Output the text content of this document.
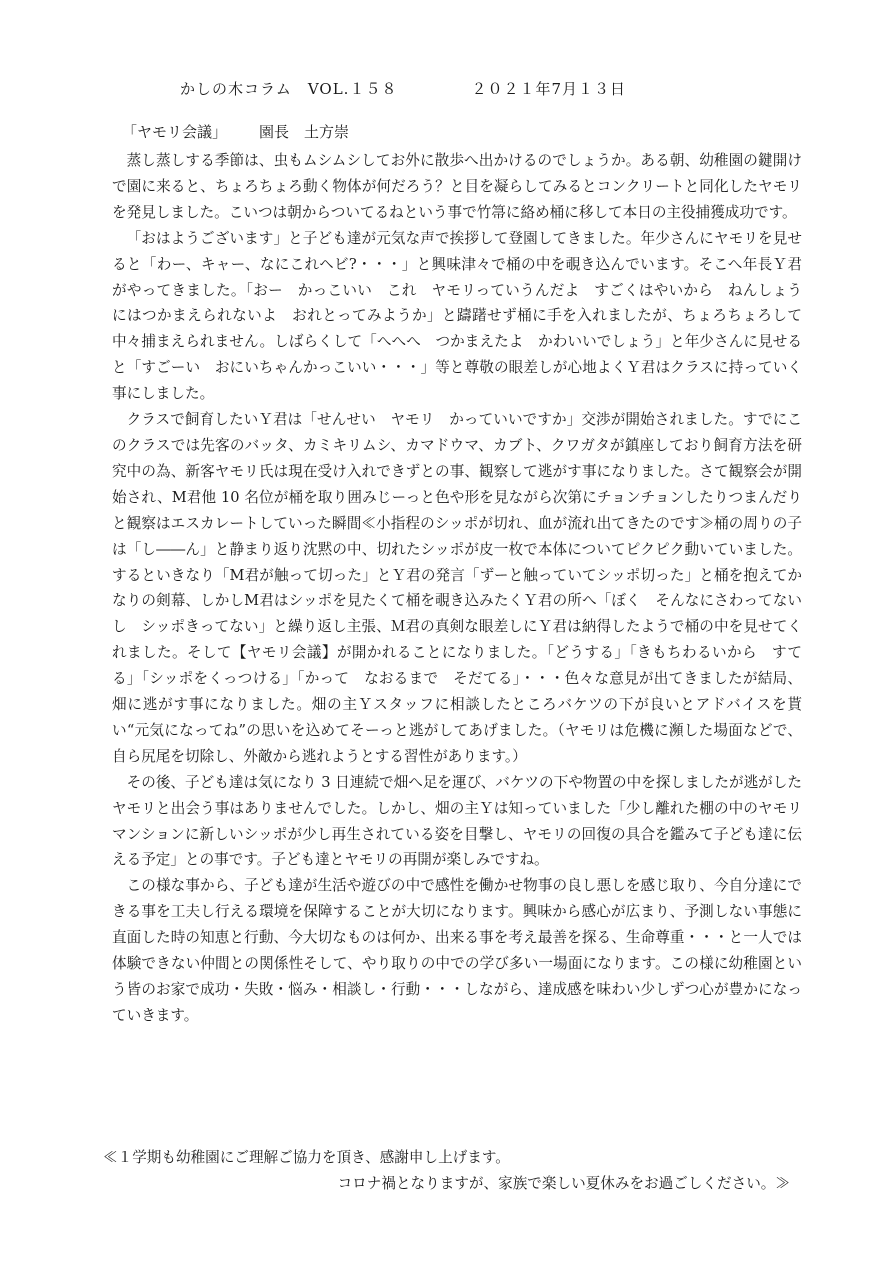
かしの木コラム VOL.１５８	２０２１年7月１３日
「ヤモリ会議」 園長　土方崇

蒸し蒸しする季節は、虫もムシムシしてお外に散歩へ出かけるのでしょうか。ある朝、幼稚園の鍵開けで園に来ると、ちょろちょろ動く物体が何だろう？と目を凝らしてみるとコンクリートと同化したヤモリを発見しました。こいつは朝からついてるねという事で竹箒に絡め桶に移して本日の主役捕獲成功です。

「おはようございます」と子ども達が元気な声で挨拶して登園してきました。年少さんにヤモリを見せると「わー、キャー、なにこれヘビ?・・・」と興味津々で桶の中を覗き込んでいます。そこへ年長Ｙ君がやってきました。「おー　かっこいい　これ　ヤモリっていうんだよ　すごくはやいから　ねんしょうにはつかまえられないよ　おれとってみようか」と躊躇せず桶に手を入れましたが、ちょろちょろして中々捕まえられません。しばらくして「へへへ　つかまえたよ　かわいいでしょう」と年少さんに見せると「すごーい　おにいちゃんかっこいい・・・」等と尊敬の眼差しが心地よくＹ君はクラスに持っていく事にしました。

クラスで飼育したいＹ君は「せんせい　ヤモリ　かっていいですか」交渉が開始されました。すでにこのクラスでは先客のバッタ、カミキリムシ、カマドウマ、カブト、クワガタが鎮座しており飼育方法を研究中の為、新客ヤモリ氏は現在受け入れできずとの事、観察して逃がす事になりました。さて観察会が開始され、M君他 10 名位が桶を取り囲みじーっと色や形を見ながら次第にチョンチョンしたりつまんだりと観察はエスカレートしていった瞬間≪小指程のシッポが切れ、血が流れ出てきたのです≫桶の周りの子は「し――ん」と静まり返り沈黙の中、切れたシッポが皮一枚で本体についてピクピク動いていました。するといきなり「M君が触って切った」とＹ君の発言「ずーと触っていてシッポ切った」と桶を抱えてかなりの剣幕、しかしM君はシッポを見たくて桶を覗き込みたくＹ君の所へ「ぼく　そんなにさわってないし　シッポきってない」と繰り返し主張、Ｍ君の真剣な眼差しにＹ君は納得したようで桶の中を見せてくれました。そして【ヤモリ会議】が開かれることになりました。「どうする」「きもちわるいから　すてる」「シッポをくっつける」「かって　なおるまで　そだてる」・・・色々な意見が出てきましたが結局、畑に逃がす事になりました。畑の主Ｙスタッフに相談したところバケツの下が良いとアドバイスを貰い“元気になってね”の思いを込めてそーっと逃がしてあげました。（ヤモリは危機に瀕した場面などで、自ら尻尾を切除し、外敵から逃れようとする習性があります。）

その後、子ども達は気になり 3 日連続で畑へ足を運び、バケツの下や物置の中を探しましたが逃がしたヤモリと出会う事はありませんでした。しかし、畑の主Ｙは知っていました「少し離れた棚の中のヤモリマンションに新しいシッポが少し再生されている姿を目撃し、ヤモリの回復の具合を鑑みて子ども達に伝える予定」との事です。子ども達とヤモリの再開が楽しみですね。

この様な事から、子ども達が生活や遊びの中で感性を働かせ物事の良し悪しを感じ取り、今自分達にできる事を工夫し行える環境を保障することが大切になります。興味から感心が広まり、予測しない事態に直面した時の知恵と行動、今大切なものは何か、出来る事を考え最善を探る、生命尊重・・・と一人では体験できない仲間との関係性そして、やり取りの中での学び多い一場面になります。この様に幼稚園という皆のお家で成功・失敗・悩み・相談し・行動・・・しながら、達成感を味わい少しずつ心が豊かになっていきます。

≪１学期も幼稚園にご理解ご協力を頂き、感謝申し上げます。
コロナ禍となりますが、家族で楽しい夏休みをお過ごしください。≫
